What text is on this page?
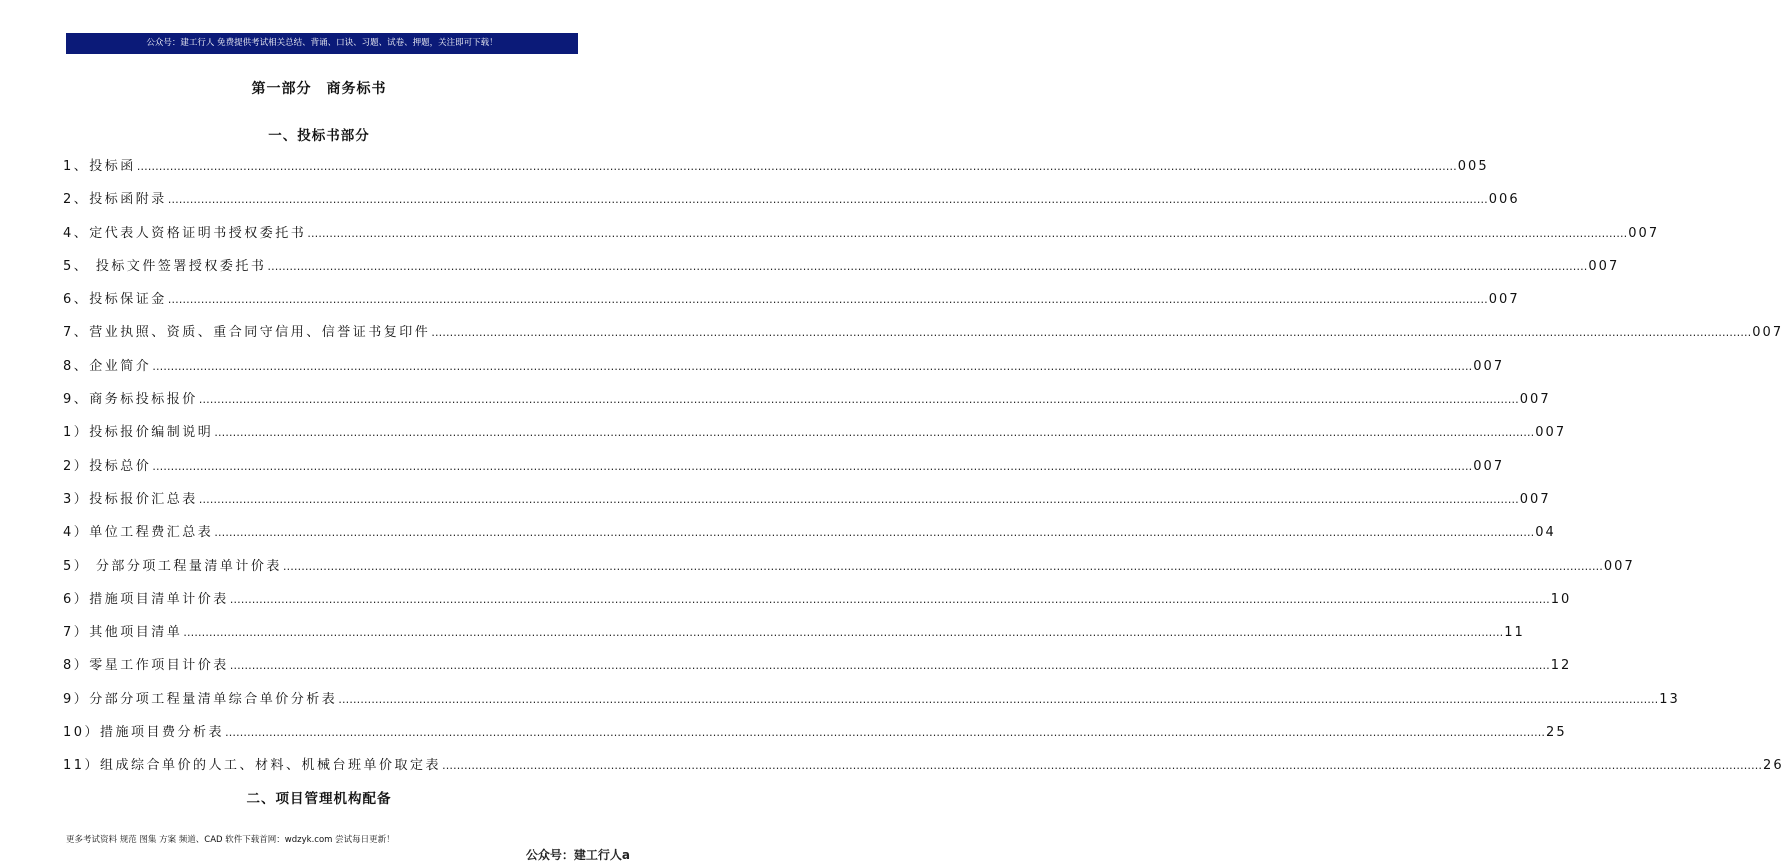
公众号：建工行人 免费提供考试相关总结、背诵、口诀、习题、试卷、押题，关注即可下载！
第一部分　商务标书
一、投标书部分
1、投标函 ……………………………………………………………………………………………………………………………………………………………………………………………………………………………………………………………………………………………………………………………… 005
2、投标函附录 ……………………………………………………………………………………………………………………………………………………………………………………………………………………………………………………………………………………………………………………………… 006
4、定代表人资格证明书授权委托书 ……………………………………………………………………………………………………………………………………………………………………………………………………………………………………………………………………………………………………………………………… 007
5、 投标文件签署授权委托书 ……………………………………………………………………………………………………………………………………………………………………………………………………………………………………………………………………………………………………………………………… 007
6、投标保证金 ……………………………………………………………………………………………………………………………………………………………………………………………………………………………………………………………………………………………………………………………… 007
7、营业执照、资质、重合同守信用、信誉证书复印件 ……………………………………………………………………………………………………………………………………………………………………………………………………………………………………………………………………………………………………………………………… 007
8、企业简介 ……………………………………………………………………………………………………………………………………………………………………………………………………………………………………………………………………………………………………………………………… 007
9、商务标投标报价 ……………………………………………………………………………………………………………………………………………………………………………………………………………………………………………………………………………………………………………………………… 007
1）投标报价编制说明 ……………………………………………………………………………………………………………………………………………………………………………………………………………………………………………………………………………………………………………………………… 007
2）投标总价 ……………………………………………………………………………………………………………………………………………………………………………………………………………………………………………………………………………………………………………………………… 007
3）投标报价汇总表 ……………………………………………………………………………………………………………………………………………………………………………………………………………………………………………………………………………………………………………………………… 007
4）单位工程费汇总表 ……………………………………………………………………………………………………………………………………………………………………………………………………………………………………………………………………………………………………………………………… 04
5） 分部分项工程量清单计价表 ……………………………………………………………………………………………………………………………………………………………………………………………………………………………………………………………………………………………………………………………… 007
6）措施项目清单计价表 ……………………………………………………………………………………………………………………………………………………………………………………………………………………………………………………………………………………………………………………………… 10
7）其他项目清单 ……………………………………………………………………………………………………………………………………………………………………………………………………………………………………………………………………………………………………………………………… 11
8）零星工作项目计价表 ……………………………………………………………………………………………………………………………………………………………………………………………………………………………………………………………………………………………………………………………… 12
9）分部分项工程量清单综合单价分析表 ……………………………………………………………………………………………………………………………………………………………………………………………………………………………………………………………………………………………………………………………… 13
10）措施项目费分析表 ……………………………………………………………………………………………………………………………………………………………………………………………………………………………………………………………………………………………………………………………… 25
11）组成综合单价的人工、材料、机械台班单价取定表 ……………………………………………………………………………………………………………………………………………………………………………………………………………………………………………………………………………………………………………………………… 26
二、项目管理机构配备
更多考试资料 规范 图集 方案 频道、CAD 软件下载首网：wdzyk.com 尝试每日更新！
公众号：建工行人a
